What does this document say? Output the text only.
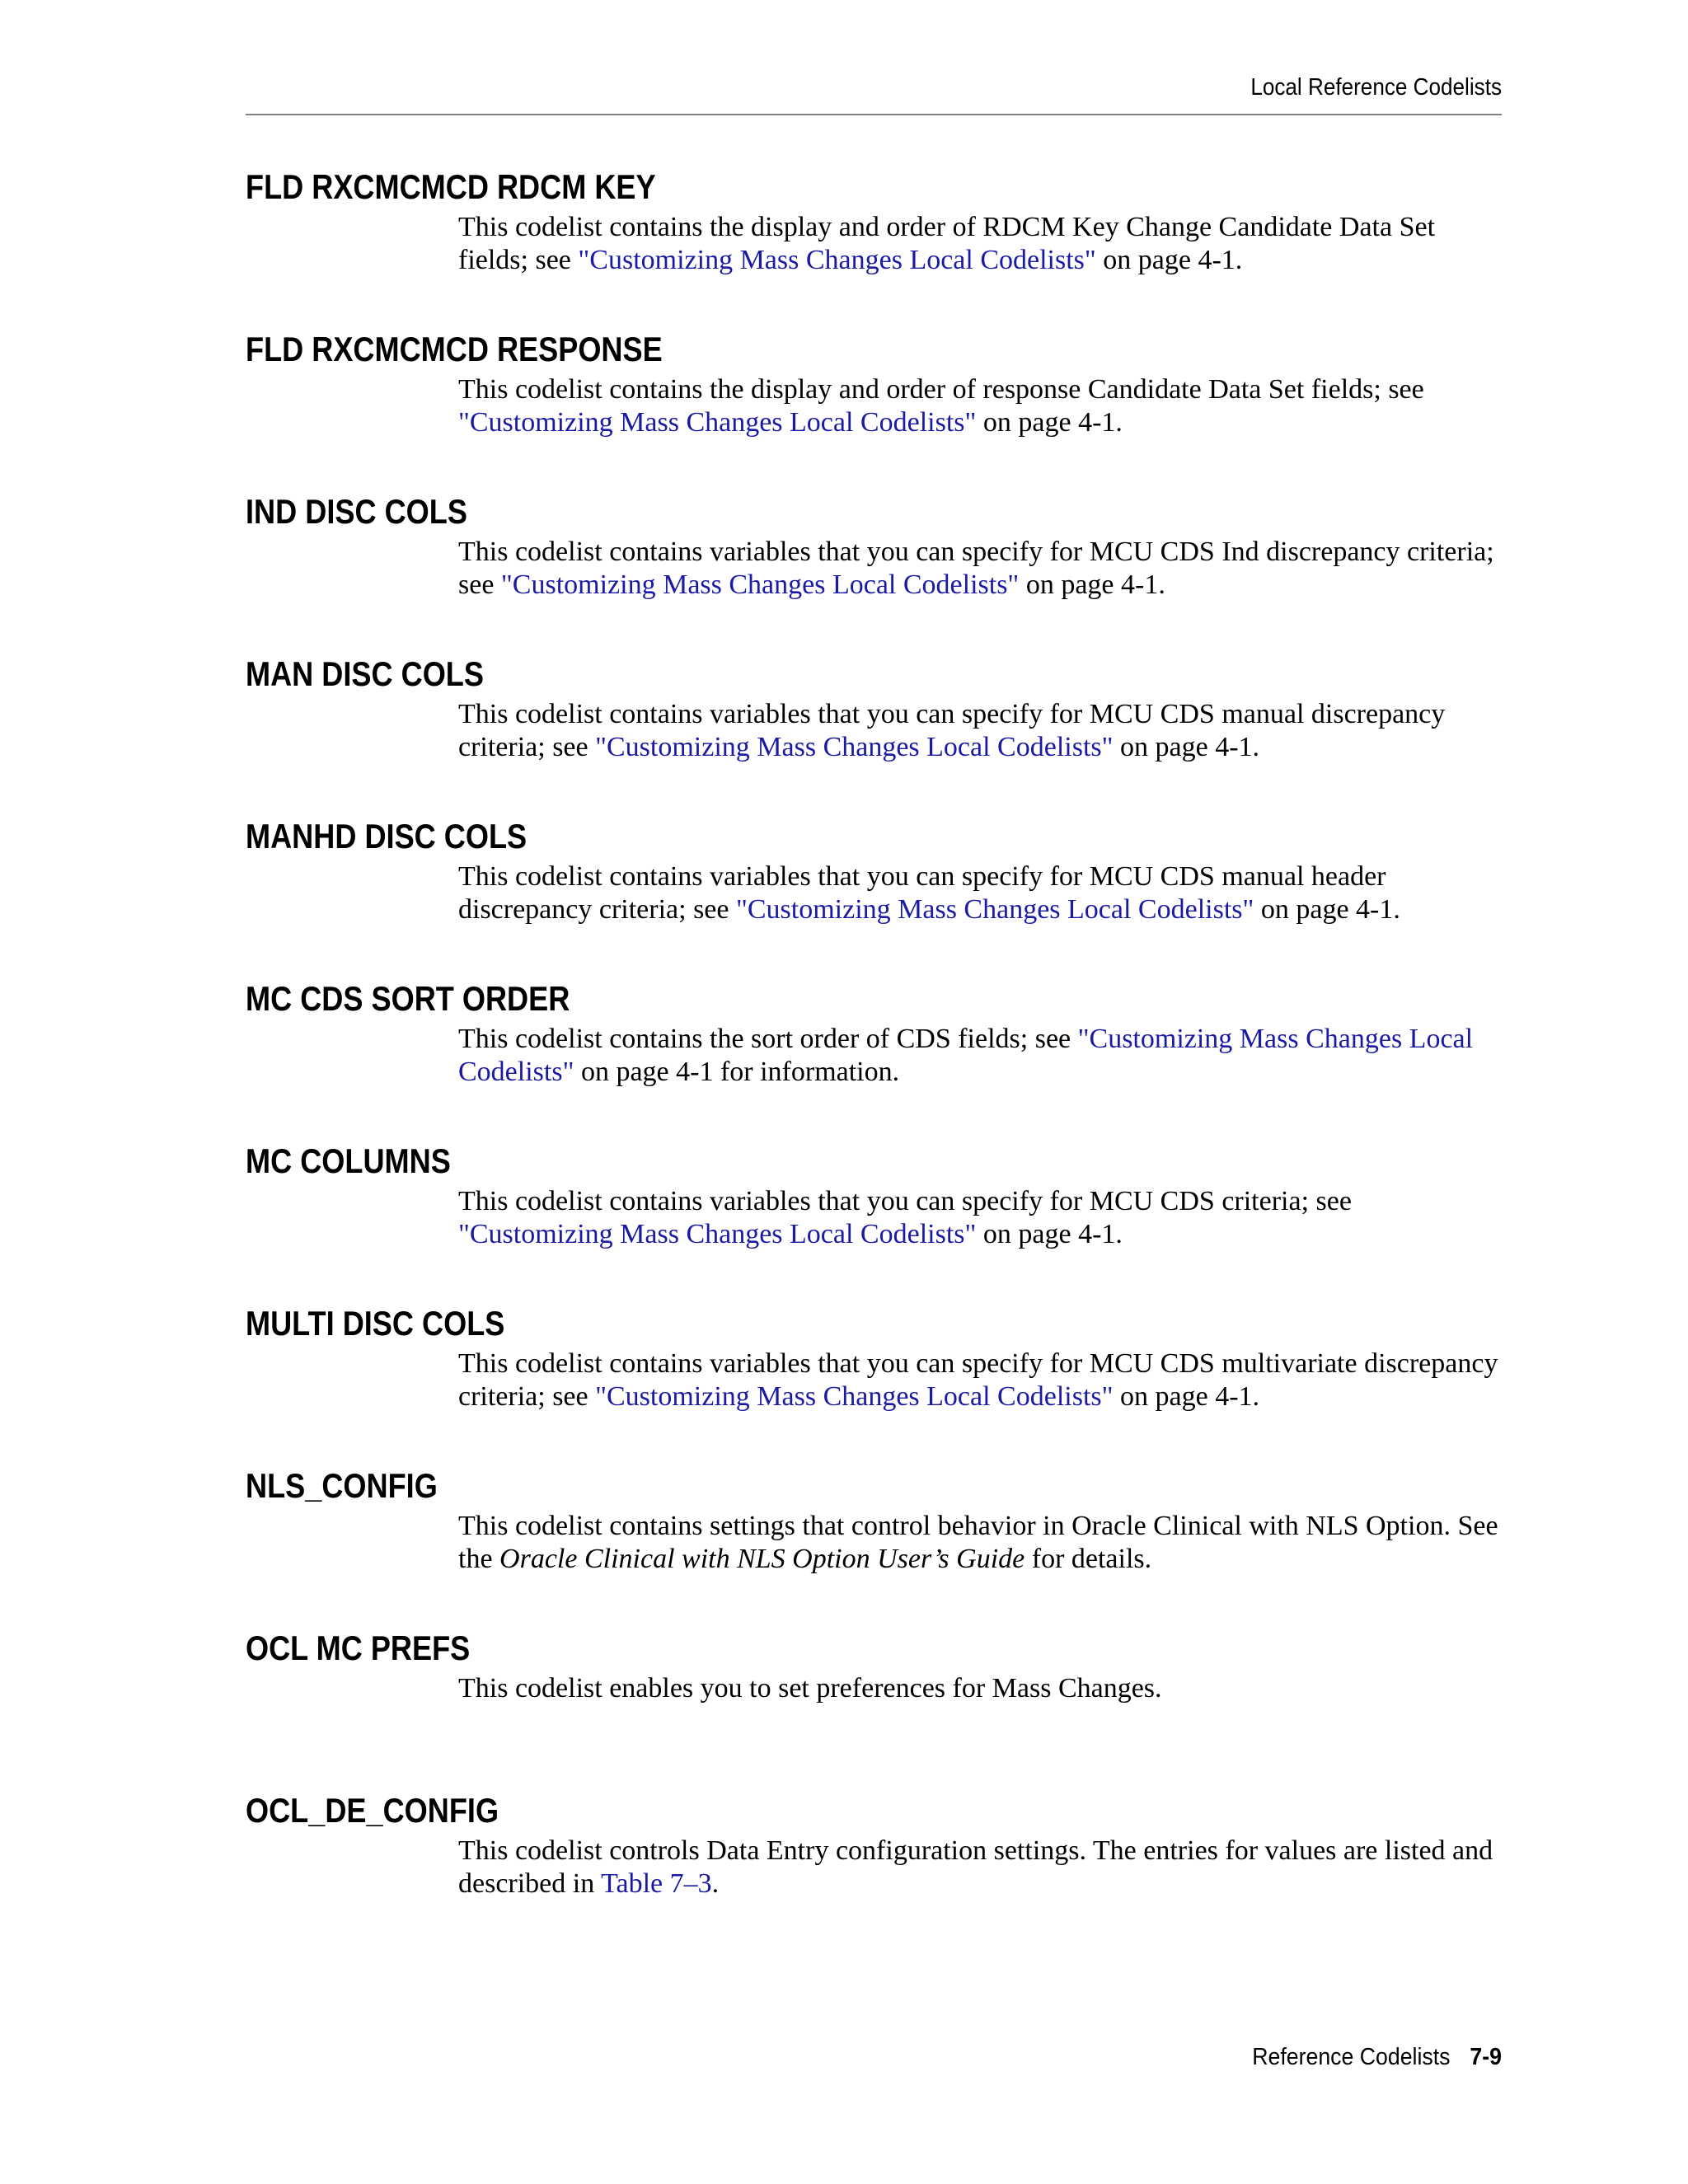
Local Reference Codelists
FLD RXCMCMCD RDCM KEY

This codelist contains the display and order of RDCM Key Change Candidate Data Set fields; see "Customizing Mass Changes Local Codelists" on page 4-1.

FLD RXCMCMCD RESPONSE

This codelist contains the display and order of response Candidate Data Set fields; see "Customizing Mass Changes Local Codelists" on page 4-1.

IND DISC COLS

This codelist contains variables that you can specify for MCU CDS Ind discrepancy criteria; see "Customizing Mass Changes Local Codelists" on page 4-1.

MAN DISC COLS

This codelist contains variables that you can specify for MCU CDS manual discrepancy criteria; see "Customizing Mass Changes Local Codelists" on page 4-1.

MANHD DISC COLS

This codelist contains variables that you can specify for MCU CDS manual header discrepancy criteria; see "Customizing Mass Changes Local Codelists" on page 4-1.

MC CDS SORT ORDER

This codelist contains the sort order of CDS fields; see "Customizing Mass Changes Local Codelists" on page 4-1 for information.

MC COLUMNS

This codelist contains variables that you can specify for MCU CDS criteria; see "Customizing Mass Changes Local Codelists" on page 4-1.

MULTI DISC COLS

This codelist contains variables that you can specify for MCU CDS multivariate discrepancy criteria; see "Customizing Mass Changes Local Codelists" on page 4-1.

NLS_CONFIG

This codelist contains settings that control behavior in Oracle Clinical with NLS Option. See the Oracle Clinical with NLS Option User’s Guide for details.

OCL MC PREFS

This codelist enables you to set preferences for Mass Changes.

OCL_DE_CONFIG

This codelist controls Data Entry configuration settings. The entries for values are listed and described in Table 7–3.

Reference Codelists 7-9
